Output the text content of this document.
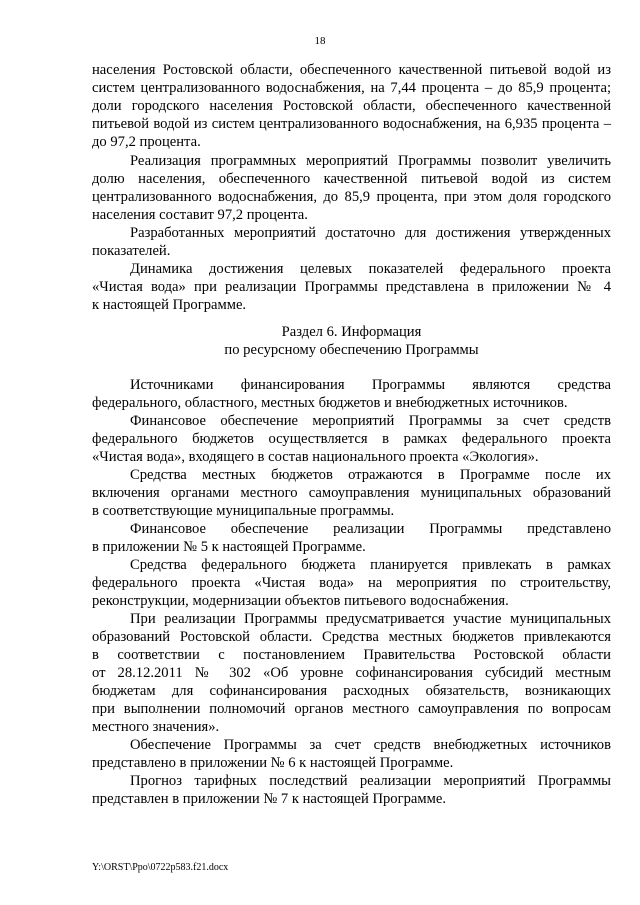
18
населения Ростовской области, обеспеченного качественной питьевой водой из
систем централизованного водоснабжения, на 7,44 процента – до 85,9 процента;
доли городского населения Ростовской области, обеспеченного качественной
питьевой водой из систем централизованного водоснабжения, на 6,935 процента –
до 97,2 процента.
Реализация программных мероприятий Программы позволит увеличить
долю населения, обеспеченного качественной питьевой водой из систем
централизованного водоснабжения, до 85,9 процента, при этом доля городского
населения составит 97,2 процента.
Разработанных мероприятий достаточно для достижения утвержденных
показателей.
Динамика достижения целевых показателей федерального проекта
«Чистая вода» при реализации Программы представлена в приложении № 4
к настоящей Программе.
Раздел 6. Информация
по ресурсному обеспечению Программы
Источниками финансирования Программы являются средства
федерального, областного, местных бюджетов и внебюджетных источников.
Финансовое обеспечение мероприятий Программы за счет средств
федерального бюджетов осуществляется в рамках федерального проекта
«Чистая вода», входящего в состав национального проекта «Экология».
Средства местных бюджетов отражаются в Программе после их
включения органами местного самоуправления муниципальных образований
в соответствующие муниципальные программы.
Финансовое обеспечение реализации Программы представлено
в приложении № 5 к настоящей Программе.
Средства федерального бюджета планируется привлекать в рамках
федерального проекта «Чистая вода» на мероприятия по строительству,
реконструкции, модернизации объектов питьевого водоснабжения.
При реализации Программы предусматривается участие муниципальных
образований Ростовской области. Средства местных бюджетов привлекаются
в соответствии с постановлением Правительства Ростовской области
от 28.12.2011 № 302 «Об уровне софинансирования субсидий местным
бюджетам для софинансирования расходных обязательств, возникающих
при выполнении полномочий органов местного самоуправления по вопросам
местного значения».
Обеспечение Программы за счет средств внебюджетных источников
представлено в приложении № 6 к настоящей Программе.
Прогноз тарифных последствий реализации мероприятий Программы
представлен в приложении № 7 к настоящей Программе.
Y:\ORST\Ppo\0722p583.f21.docx
